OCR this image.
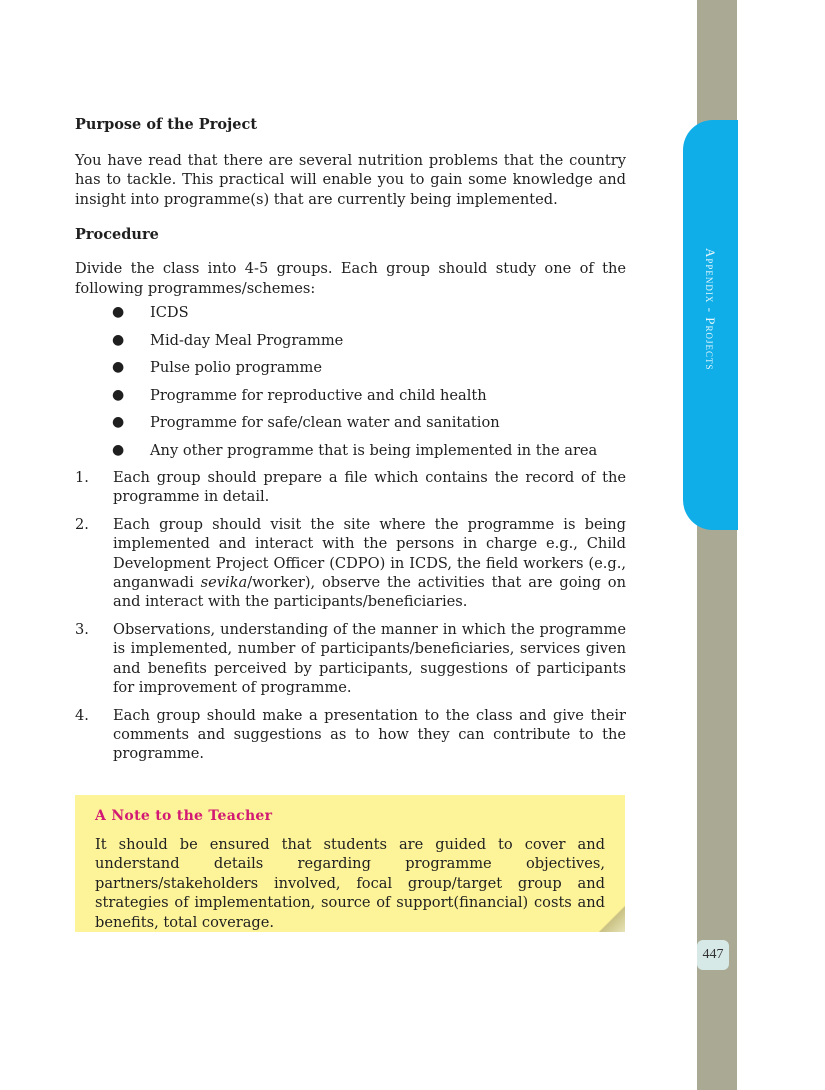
Appendix - Projects
447
Purpose of the Project

You have read that there are several nutrition problems that the country has to tackle. This practical will enable you to gain some knowledge and insight into programme(s) that are currently being implemented.

Procedure

Divide the class into 4-5 groups. Each group should study one of the following programmes/schemes:

● ICDS
● Mid-day Meal Programme
● Pulse polio programme
● Programme for reproductive and child health
● Programme for safe/clean water and sanitation
● Any other programme that is being implemented in the area
1. Each group should prepare a file which contains the record of the programme in detail.
2. Each group should visit the site where the programme is being implemented and interact with the persons in charge e.g., Child Development Project Officer (CDPO) in ICDS, the field workers (e.g., anganwadi sevika/worker), observe the activities that are going on and interact with the participants/beneficiaries.
3. Observations, understanding of the manner in which the programme is implemented, number of participants/beneficiaries, services given and benefits perceived by participants, suggestions of participants for improvement of programme.
4. Each group should make a presentation to the class and give their comments and suggestions as to how they can contribute to the programme.
A Note to the Teacher
It should be ensured that students are guided to cover and understand details regarding programme objectives, partners/stakeholders involved, focal group/target group and strategies of implementation, source of support(financial) costs and benefits, total coverage.
